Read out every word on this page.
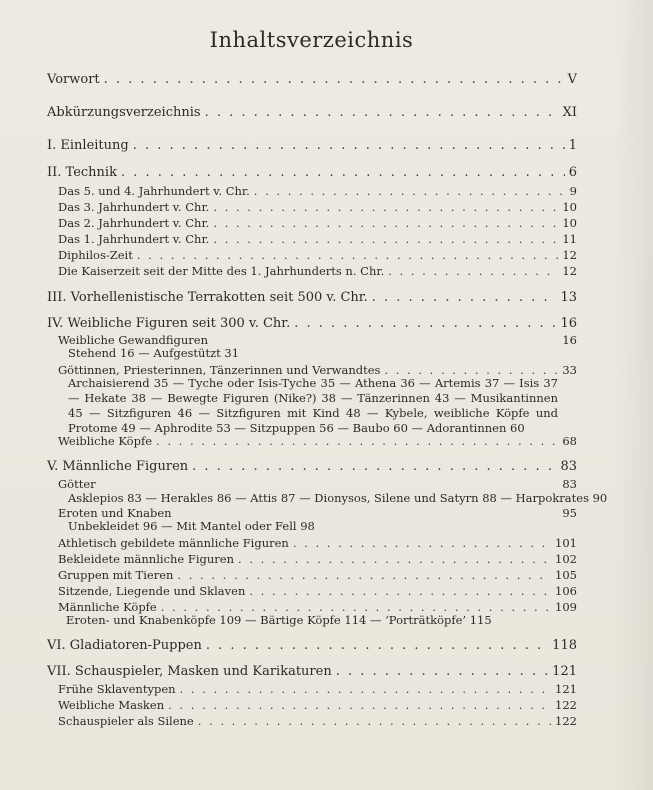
Inhaltsverzeichnis
Vorwort . . .	V
Abkürzungsverzeichnis . . .	XI
I. Einleitung . . .	1
II. Technik . . .	6
Das 5. und 4. Jahrhundert v. Chr. . . .	9
Das 3. Jahrhundert v. Chr. . . .	10
Das 2. Jahrhundert v. Chr. . . .	10
Das 1. Jahrhundert v. Chr. . . .	11
Diphilos-Zeit . . .	12
Die Kaiserzeit seit der Mitte des 1. Jahrhunderts n. Chr. . . .	12
III. Vorhellenistische Terrakotten seit 500 v. Chr. . . .	13
IV. Weibliche Figuren seit 300 v. Chr. . . .	16
Weibliche Gewandfiguren	16
Stehend 16 — Aufgestützt 31
Göttinnen, Priesterinnen, Tänzerinnen und Verwandtes . . .	33
Archaisierend 35 — Tyche oder Isis-Tyche 35 — Athena 36 — Artemis 37 — Isis 37 — Hekate 38 — Bewegte Figuren (Nike?) 38 — Tänzerinnen 43 — Musikantinnen 45 — Sitzfiguren 46 — Sitzfiguren mit Kind 48 — Kybele, weibliche Köpfe und Protome 49 — Aphrodite 53 — Sitzpuppen 56 — Baubo 60 — Adorantinnen 60
Weibliche Köpfe . . .	68
V. Männliche Figuren . . .	83
Götter	83
Asklepios 83 — Herakles 86 — Attis 87 — Dionysos, Silene und Satyrn 88 — Harpokrates 90
Eroten und Knaben	95
Unbekleidet 96 — Mit Mantel oder Fell 98
Athletisch gebildete männliche Figuren . . .	101
Bekleidete männliche Figuren . . .	102
Gruppen mit Tieren . . .	105
Sitzende, Liegende und Sklaven . . .	106
Männliche Köpfe . . .	109
Eroten- und Knabenköpfe 109 — Bärtige Köpfe 114 — ‘Porträtköpfe’ 115
VI. Gladiatoren-Puppen . . .	118
VII. Schauspieler, Masken und Karikaturen . . .	121
Frühe Sklaventypen . . .	121
Weibliche Masken . . .	122
Schauspieler als Silene . . .	122
